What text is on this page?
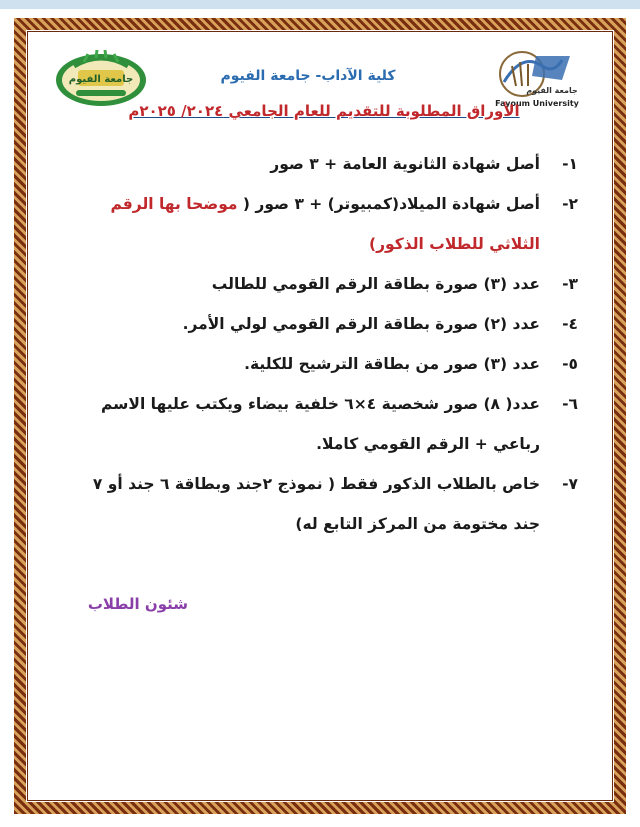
جامعة الفيوم
جامعة الفيوم
Fayoum University
كلية الآداب- جامعة الفيوم
الأوراق المطلوبة للتقديم للعام الجامعي ٢٠٢٤/ ٢٠٢٥م
١-
أصل شهادة الثانوية العامة + ٣ صور
٢-
أصل شهادة الميلاد(كمبيوتر) + ٣ صور ( موضحا بها الرقم الثلاثي للطلاب الذكور)
٣-
عدد (٣) صورة بطاقة الرقم القومي للطالب
٤-
عدد (٢) صورة بطاقة الرقم القومي لولي الأمر.
٥-
عدد (٣) صور من بطاقة الترشيح للكلية.
٦-
عدد( ٨) صور شخصية ٤×٦ خلفية بيضاء ويكتب عليها الاسم رباعي + الرقم القومي كاملا.
٧-
خاص بالطلاب الذكور فقط ( نموذج ٢جند وبطاقة ٦ جند أو ٧ جند مختومة من المركز التابع له)
شئون الطلاب
